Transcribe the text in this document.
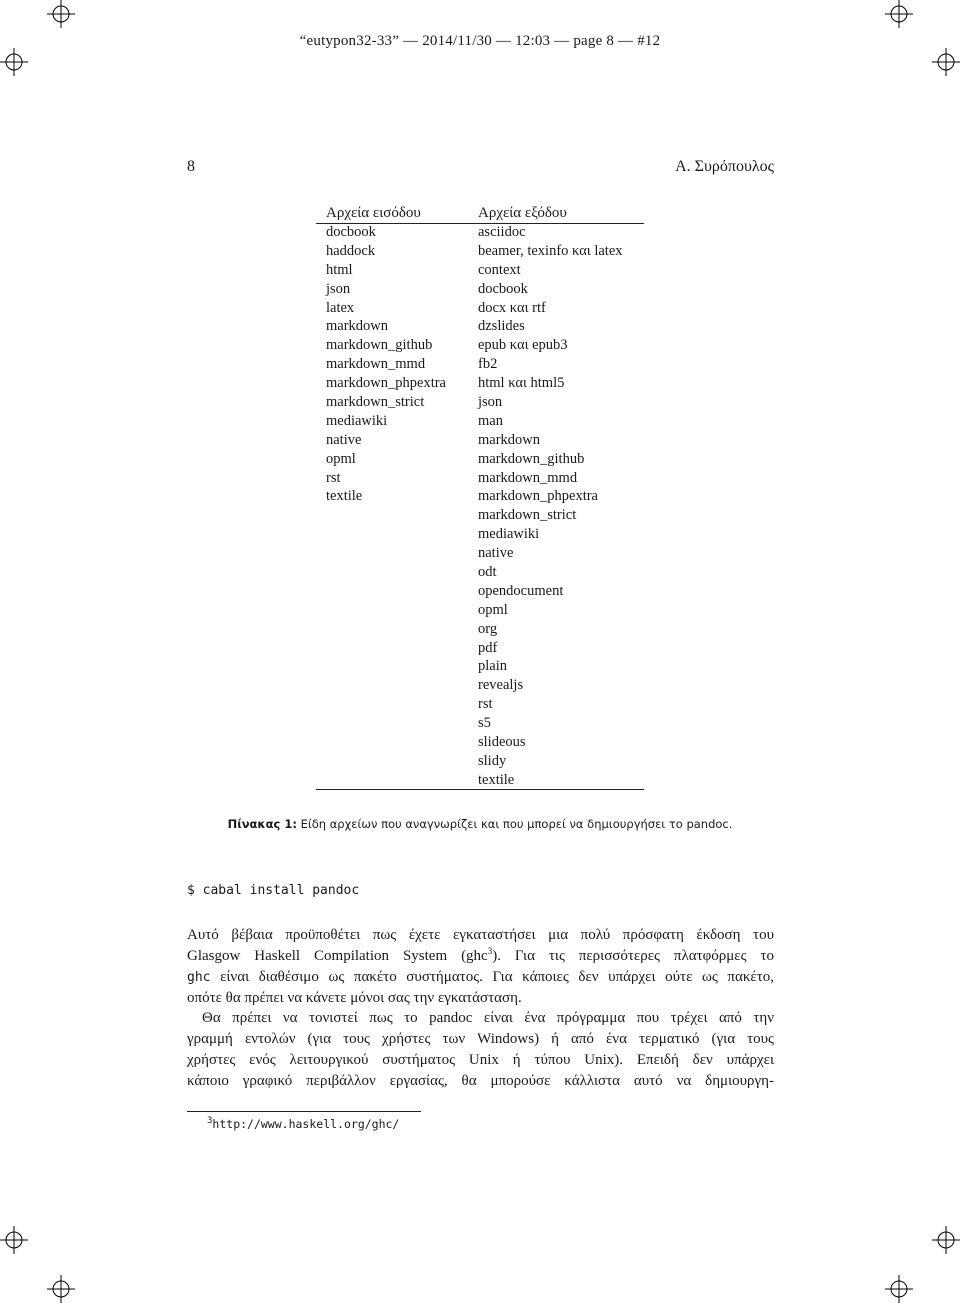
“eutypon32-33” — 2014/11/30 — 12:03 — page 8 — #12
8	Α. Συρόπουλος
Αρχεία εισόδου
docbook
haddock
html
json
latex
markdown
markdown_github
markdown_mmd
markdown_phpextra
markdown_strict
mediawiki
native
opml
rst
textile
Αρχεία εξόδου
asciidoc
beamer, texinfo και latex
context
docbook
docx και rtf
dzslides
epub και epub3
fb2
html και html5
json
man
markdown
markdown_github
markdown_mmd
markdown_phpextra
markdown_strict
mediawiki
native
odt
opendocument
opml
org
pdf
plain
revealjs
rst
s5
slideous
slidy
textile
Πίνακας 1: Είδη αρχείων που αναγνωρίζει και που μπορεί να δημιουργήσει το pandoc.
$ cabal install pandoc
Αυτό βέβαια προϋποθέτει πως έχετε εγκαταστήσει μια πολύ πρόσφατη έκδοση του
Glasgow Haskell Compilation System (ghc$^3$). Για τις περισσότερες πλατφόρμες το
ghc είναι διαθέσιμο ως πακέτο συστήματος. Για κάποιες δεν υπάρχει ούτε ως πακέτο,
οπότε θα πρέπει να κάνετε μόνοι σας την εγκατάσταση.
Θα πρέπει να τονιστεί πως το pandoc είναι ένα πρόγραμμα που τρέχει από την
γραμμή εντολών (για τους χρήστες των Windows) ή από ένα τερματικό (για τους
χρήστες ενός λειτουργικού συστήματος Unix ή τύπου Unix). Επειδή δεν υπάρχει
κάποιο γραφικό περιβάλλον εργασίας, θα μπορούσε κάλλιστα αυτό να δημιουργη-
$^3$http://www.haskell.org/ghc/
